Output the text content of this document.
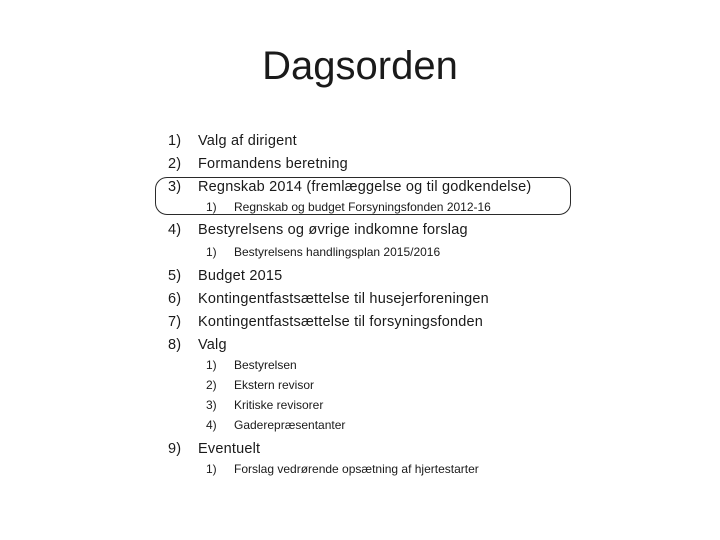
Dagsorden
1)	Valg af dirigent
2)	Formandens beretning
3)	Regnskab 2014 (fremlæggelse og til godkendelse)
1)	Regnskab og budget Forsyningsfonden 2012-16
4)	Bestyrelsens og øvrige indkomne forslag
1)	Bestyrelsens handlingsplan 2015/2016
5)	Budget 2015
6)	Kontingentfastsættelse til husejerforeningen
7)	Kontingentfastsættelse til forsyningsfonden
8)	Valg
1)	Bestyrelsen
2)	Ekstern revisor
3)	Kritiske revisorer
4)	Gaderepræsentanter
9)	Eventuelt
1)	Forslag vedrørende opsætning af hjertestarter
